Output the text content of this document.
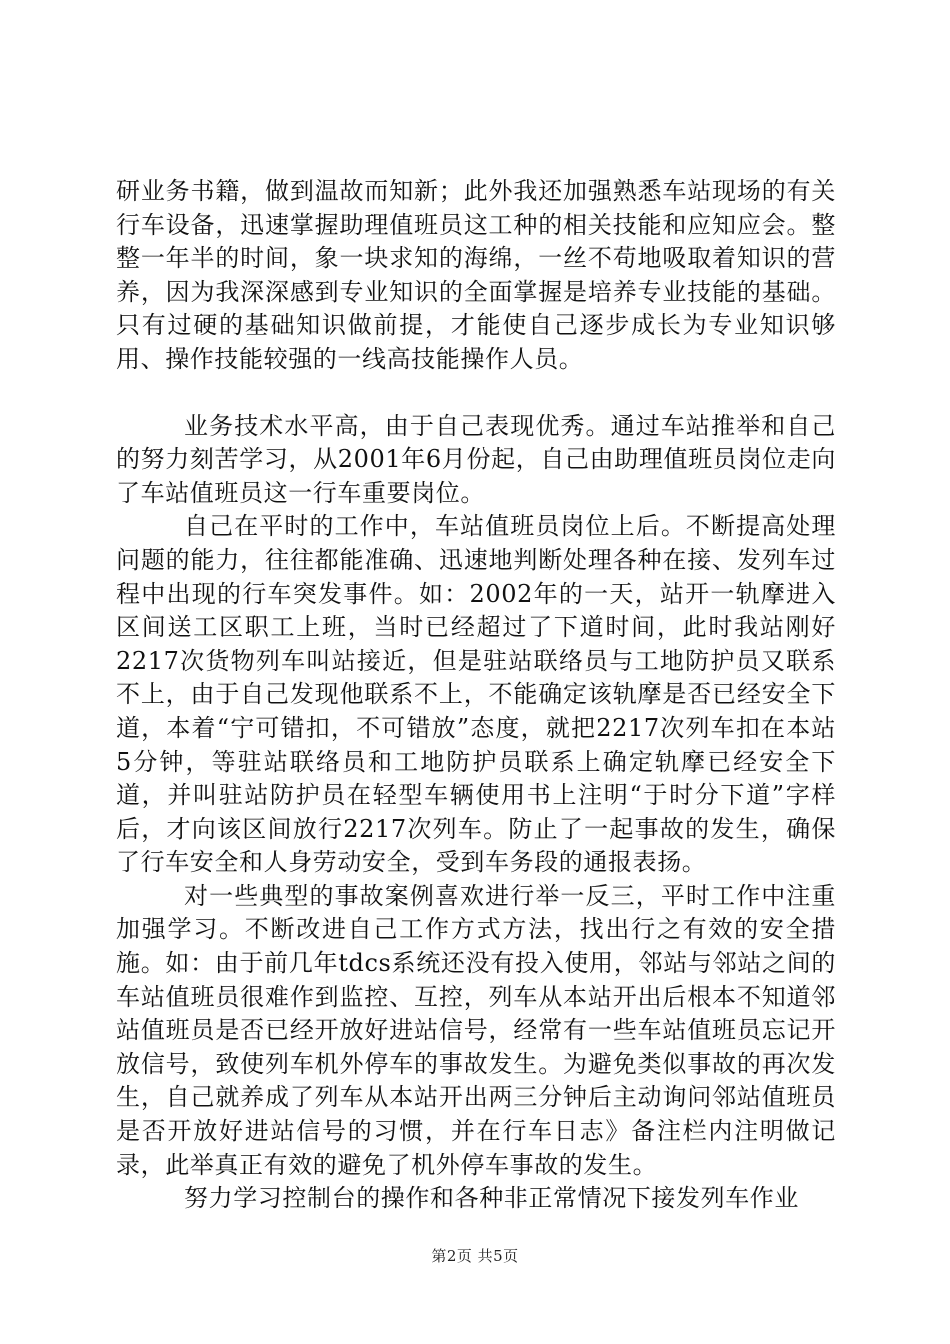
研业务书籍，做到温故而知新；此外我还加强熟悉车站现场的有关行车设备，迅速掌握助理值班员这工种的相关技能和应知应会。整整一年半的时间，象一块求知的海绵，一丝不苟地吸取着知识的营养，因为我深深感到专业知识的全面掌握是培养专业技能的基础。只有过硬的基础知识做前提，才能使自己逐步成长为专业知识够用、操作技能较强的一线高技能操作人员。

业务技术水平高，由于自己表现优秀。通过车站推举和自己的努力刻苦学习，从2001年6月份起，自己由助理值班员岗位走向了车站值班员这一行车重要岗位。

自己在平时的工作中，车站值班员岗位上后。不断提高处理问题的能力，往往都能准确、迅速地判断处理各种在接、发列车过程中出现的行车突发事件。如：2002年的一天，站开一轨摩进入区间送工区职工上班，当时已经超过了下道时间，此时我站刚好2217次货物列车叫站接近，但是驻站联络员与工地防护员又联系不上，由于自己发现他联系不上，不能确定该轨摩是否已经安全下道，本着“宁可错扣，不可错放”态度，就把2217次列车扣在本站5分钟，等驻站联络员和工地防护员联系上确定轨摩已经安全下道，并叫驻站防护员在轻型车辆使用书上注明“于时分下道”字样后，才向该区间放行2217次列车。防止了一起事故的发生，确保了行车安全和人身劳动安全，受到车务段的通报表扬。

对一些典型的事故案例喜欢进行举一反三，平时工作中注重加强学习。不断改进自己工作方式方法，找出行之有效的安全措施。如：由于前几年tdcs系统还没有投入使用，邻站与邻站之间的车站值班员很难作到监控、互控，列车从本站开出后根本不知道邻站值班员是否已经开放好进站信号，经常有一些车站值班员忘记开放信号，致使列车机外停车的事故发生。为避免类似事故的再次发生，自己就养成了列车从本站开出两三分钟后主动询问邻站值班员是否开放好进站信号的习惯，并在行车日志》备注栏内注明做记录，此举真正有效的避免了机外停车事故的发生。

努力学习控制台的操作和各种非正常情况下接发列车作业

第2页 共5页
